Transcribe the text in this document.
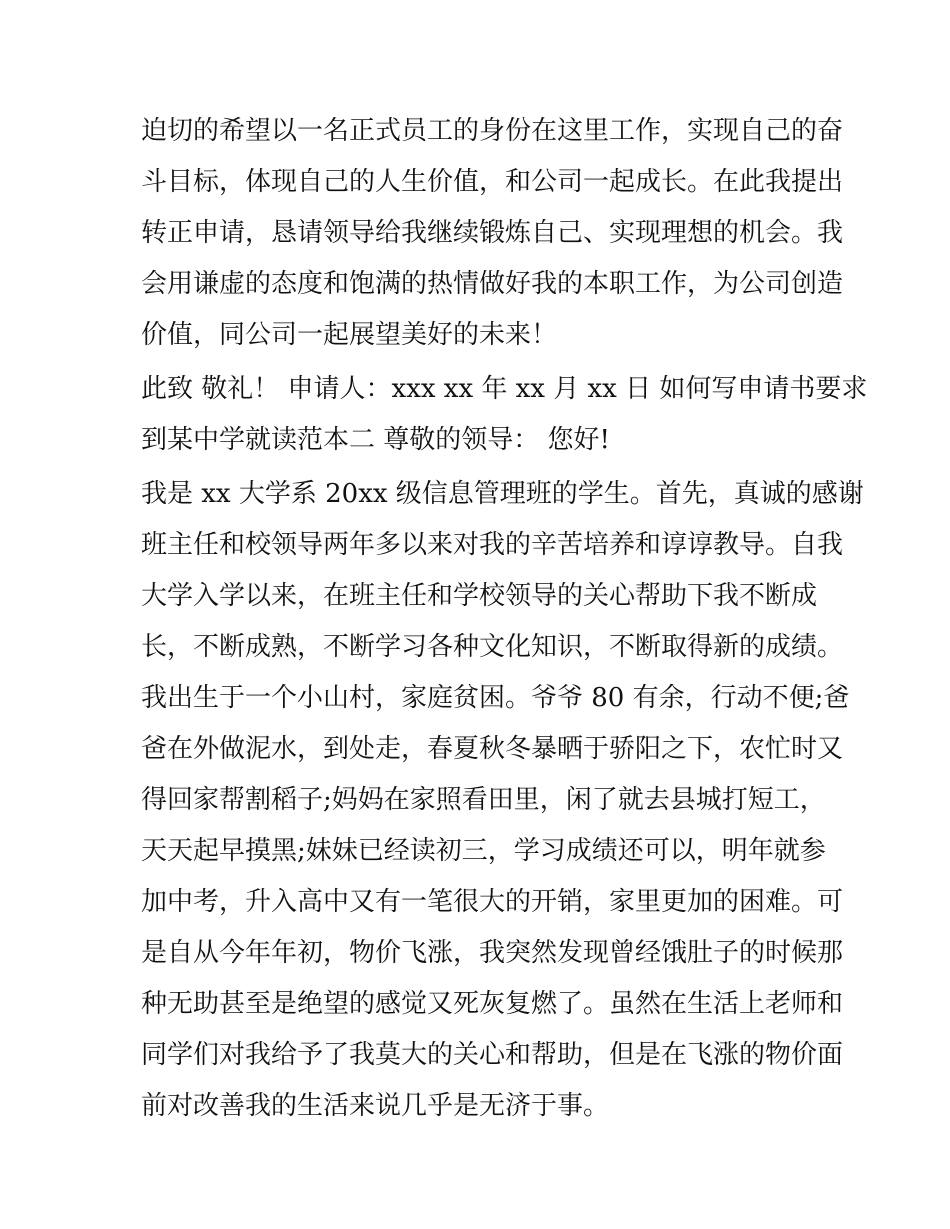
迫切的希望以一名正式员工的身份在这里工作，实现自己的奋

斗目标，体现自己的人生价值，和公司一起成长。在此我提出

转正申请，恳请领导给我继续锻炼自己、实现理想的机会。我

会用谦虚的态度和饱满的热情做好我的本职工作，为公司创造

价值，同公司一起展望美好的未来！

此致 敬礼！ 申请人：xxx xx 年 xx 月 xx 日 如何写申请书要求

到某中学就读范本二 尊敬的领导： 您好!

我是 xx 大学系 20xx 级信息管理班的学生。首先，真诚的感谢

班主任和校领导两年多以来对我的辛苦培养和谆谆教导。自我

大学入学以来，在班主任和学校领导的关心帮助下我不断成

长，不断成熟，不断学习各种文化知识，不断取得新的成绩。

我出生于一个小山村，家庭贫困。爷爷 80 有余，行动不便;爸

爸在外做泥水，到处走，春夏秋冬暴晒于骄阳之下，农忙时又

得回家帮割稻子;妈妈在家照看田里，闲了就去县城打短工，

天天起早摸黑;妹妹已经读初三，学习成绩还可以，明年就参

加中考，升入高中又有一笔很大的开销，家里更加的困难。可

是自从今年年初，物价飞涨，我突然发现曾经饿肚子的时候那

种无助甚至是绝望的感觉又死灰复燃了。虽然在生活上老师和

同学们对我给予了我莫大的关心和帮助，但是在飞涨的物价面

前对改善我的生活来说几乎是无济于事。
